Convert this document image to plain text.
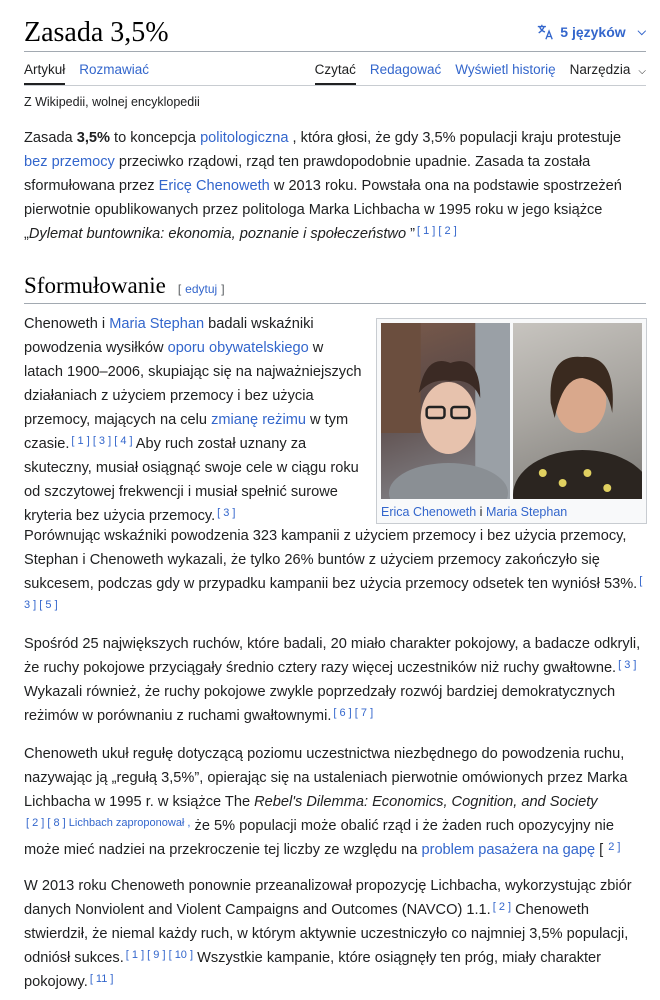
Zasada 3,5%	5 języków ⌵
Artykuł Rozmawiać	Czytać Redagować Wyświetl historię Narzędzia ⌵
Z Wikipedii, wolnej encyklopedii

Zasada 3,5% to koncepcja politologiczna , która głosi, że gdy 3,5% populacji kraju protestuje bez przemocy przeciwko rządowi, rząd ten prawdopodobnie upadnie. Zasada ta została sformułowana przez Ericę Chenoweth w 2013 roku. Powstała ona na podstawie spostrzeżeń pierwotnie opublikowanych przez politologa Marka Lichbacha w 1995 roku w jego książce „Dylemat buntownika: ekonomia, poznanie i społeczeństwo ” [ 1 ] [ 2 ]

Sformułowanie [ edytuj ]
Erica Chenoweth i Maria Stephan

Chenoweth i Maria Stephan badali wskaźniki powodzenia wysiłków oporu obywatelskiego w latach 1900–2006, skupiając się na najważniejszych działaniach z użyciem przemocy i bez użycia przemocy, mających na celu zmianę reżimu w tym czasie. [ 1 ] [ 3 ] [ 4 ] Aby ruch został uznany za skuteczny, musiał osiągnąć swoje cele w ciągu roku od szczytowej frekwencji i musiał spełnić surowe kryteria bez użycia przemocy. [ 3 ]

Porównując wskaźniki powodzenia 323 kampanii z użyciem przemocy i bez użycia przemocy, Stephan i Chenoweth wykazali, że tylko 26% buntów z użyciem przemocy zakończyło się sukcesem, podczas gdy w przypadku kampanii bez użycia przemocy odsetek ten wyniósł 53%. [ 3 ] [ 5 ]

Spośród 25 największych ruchów, które badali, 20 miało charakter pokojowy, a badacze odkryli, że ruchy pokojowe przyciągały średnio cztery razy więcej uczestników niż ruchy gwałtowne. [ 3 ] Wykazali również, że ruchy pokojowe zwykle poprzedzały rozwój bardziej demokratycznych reżimów w porównaniu z ruchami gwałtownymi. [ 6 ] [ 7 ]

Chenoweth ukuł regułę dotyczącą poziomu uczestnictwa niezbędnego do powodzenia ruchu, nazywając ją „regułą 3,5%”, opierając się na ustaleniach pierwotnie omówionych przez Marka Lichbacha w 1995 r. w książce The Rebel's Dilemma: Economics, Cognition, and Society
$^{[ 2 ] [ 8 ] Lichbach zaproponował ,}$ że 5% populacji może obalić rząd i że żaden ruch opozycyjny nie może mieć nadziei na przekroczenie tej liczby ze względu na problem pasażera na gapę [ $^{2 ]}$

W 2013 roku Chenoweth ponownie przeanalizował propozycję Lichbacha, wykorzystując zbiór danych Nonviolent and Violent Campaigns and Outcomes (NAVCO) 1.1. [ 2 ] Chenoweth stwierdził, że niemal każdy ruch, w którym aktywnie uczestniczyło co najmniej 3,5% populacji, odniósł sukces. [ 1 ] [ 9 ] [ 10 ] Wszystkie kampanie, które osiągnęły ten próg, miały charakter pokojowy. [ 11 ]
